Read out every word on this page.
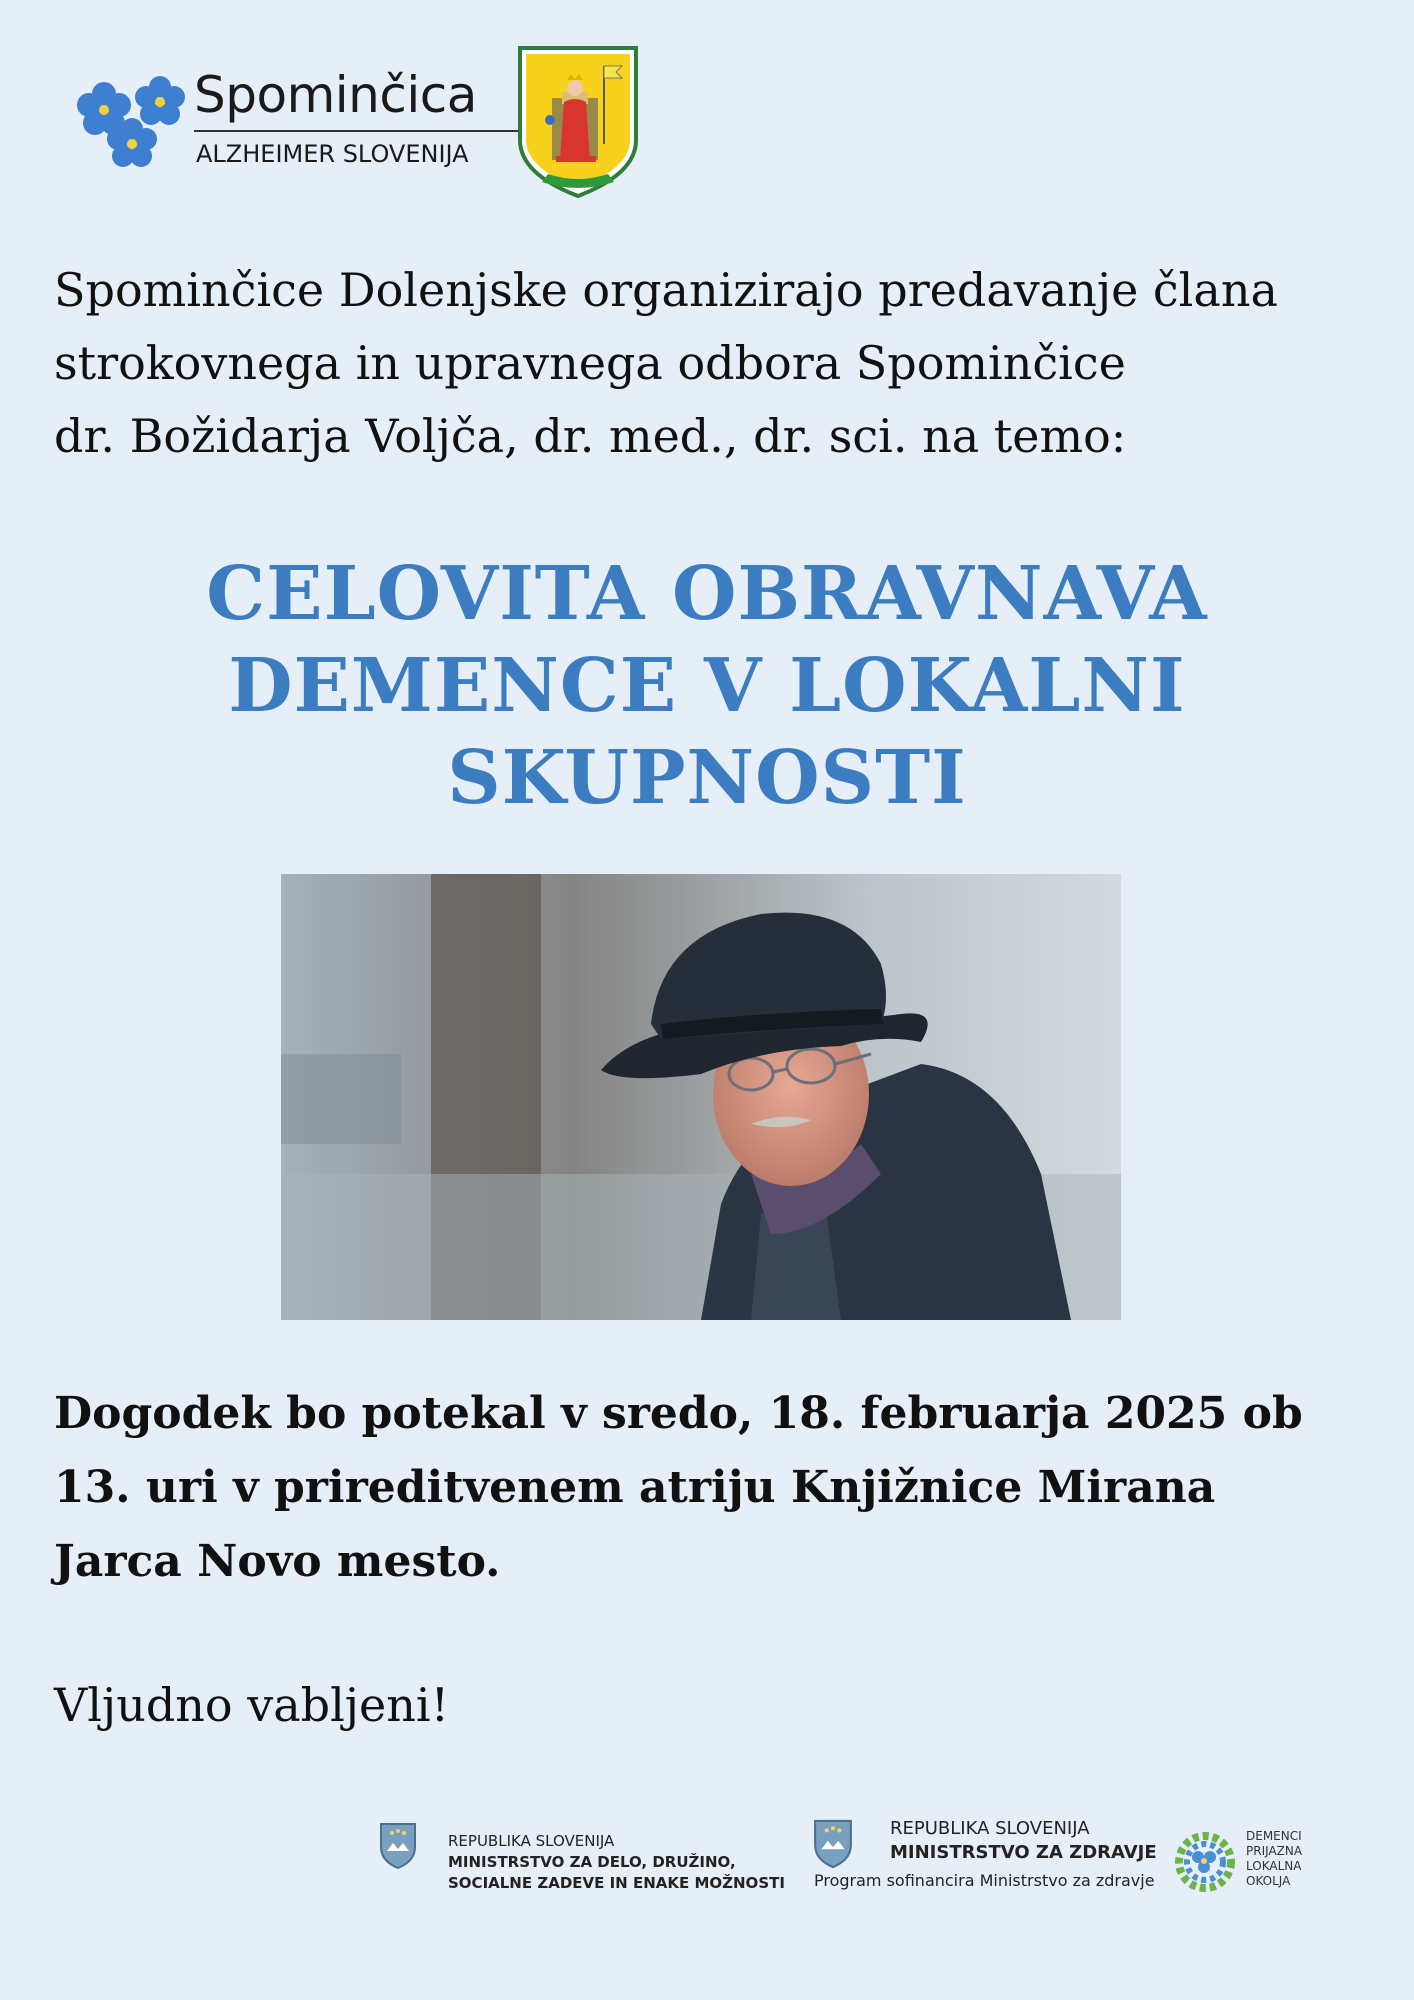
Spominčica
ALZHEIMER SLOVENIJA

Spominčice Dolenjske organizirajo predavanje člana
strokovnega in upravnega odbora Spominčice
dr. Božidarja Voljča, dr. med., dr. sci. na temo:

CELOVITA OBRAVNAVA
DEMENCE V LOKALNI
SKUPNOSTI

Dogodek bo potekal v sredo, 18. februarja 2025 ob
13. uri v prireditvenem atriju Knjižnice Mirana
Jarca Novo mesto.

Vljudno vabljeni!

REPUBLIKA SLOVENIJA
MINISTRSTVO ZA DELO, DRUŽINO,
SOCIALNE ZADEVE IN ENAKE MOŽNOSTI
REPUBLIKA SLOVENIJA
MINISTRSTVO ZA ZDRAVJE
Program sofinancira Ministrstvo za zdravje
DEMENCI
PRIJAZNA
LOKALNA
OKOLJA
